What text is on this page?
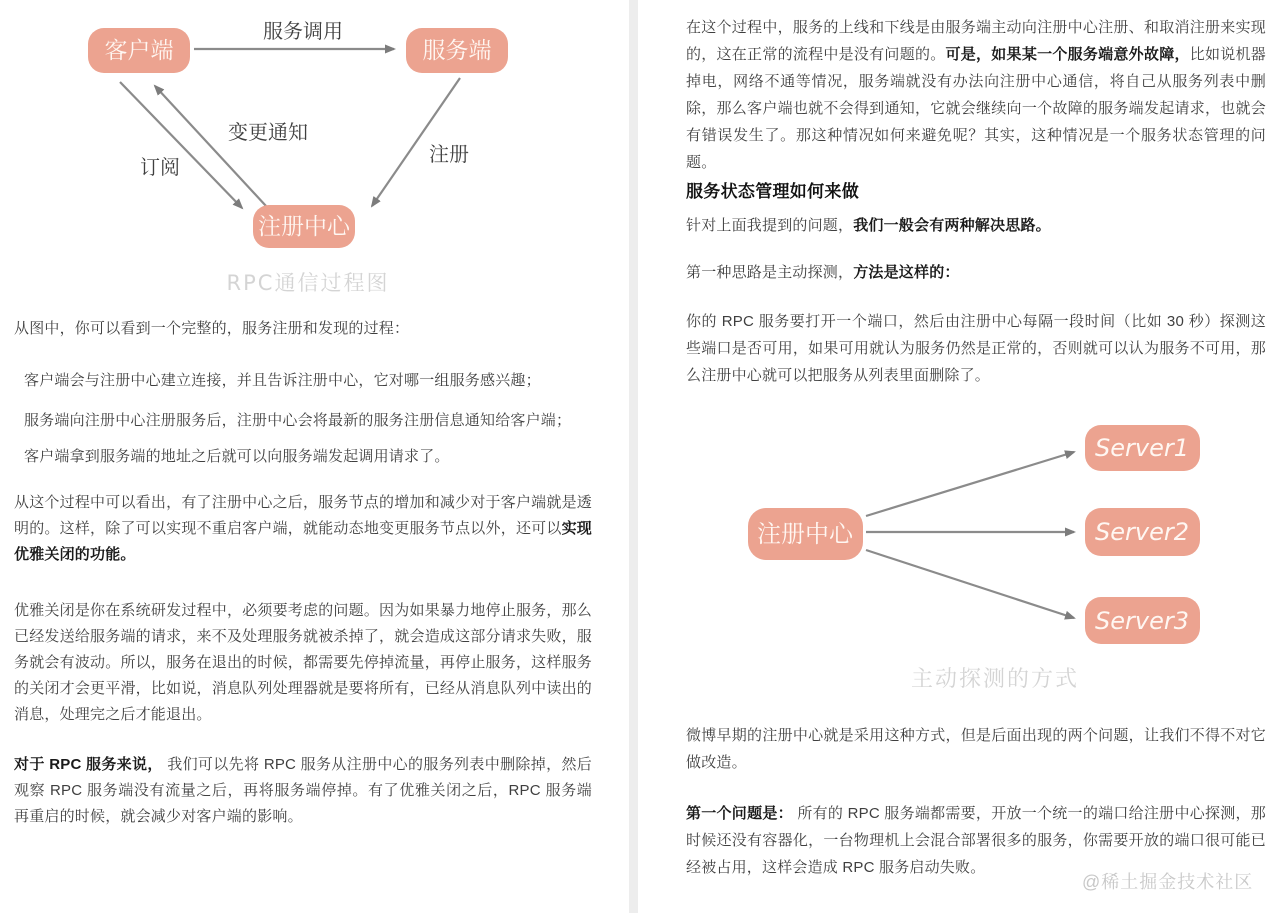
客户端	服务端
注册中心
服务调用
订阅
变更通知
注册
RPC通信过程图

从图中，你可以看到一个完整的，服务注册和发现的过程：

客户端会与注册中心建立连接，并且告诉注册中心，它对哪一组服务感兴趣；

服务端向注册中心注册服务后，注册中心会将最新的服务注册信息通知给客户端；

客户端拿到服务端的地址之后就可以向服务端发起调用请求了。

从这个过程中可以看出，有了注册中心之后，服务节点的增加和减少对于客户端就是透明的。这样，除了可以实现不重启客户端，就能动态地变更服务节点以外，还可以实现优雅关闭的功能。

优雅关闭是你在系统研发过程中，必须要考虑的问题。因为如果暴力地停止服务，那么已经发送给服务端的请求，来不及处理服务就被杀掉了，就会造成这部分请求失败，服务就会有波动。所以，服务在退出的时候，都需要先停掉流量，再停止服务，这样服务的关闭才会更平滑，比如说，消息队列处理器就是要将所有，已经从消息队列中读出的消息，处理完之后才能退出。

对于 RPC 服务来说， 我们可以先将 RPC 服务从注册中心的服务列表中删除掉，然后观察 RPC 服务端没有流量之后，再将服务端停掉。有了优雅关闭之后，RPC 服务端再重启的时候，就会减少对客户端的影响。

在这个过程中，服务的上线和下线是由服务端主动向注册中心注册、和取消注册来实现的，这在正常的流程中是没有问题的。可是，如果某一个服务端意外故障，比如说机器掉电，网络不通等情况，服务端就没有办法向注册中心通信，将自己从服务列表中删除，那么客户端也就不会得到通知，它就会继续向一个故障的服务端发起请求，也就会有错误发生了。那这种情况如何来避免呢？其实，这种情况是一个服务状态管理的问题。

服务状态管理如何来做

针对上面我提到的问题，我们一般会有两种解决思路。

第一种思路是主动探测，方法是这样的：

你的 RPC 服务要打开一个端口，然后由注册中心每隔一段时间（比如 30 秒）探测这些端口是否可用，如果可用就认为服务仍然是正常的，否则就可以认为服务不可用，那么注册中心就可以把服务从列表里面删除了。

注册中心
Server1
Server2
Server3
主动探测的方式

微博早期的注册中心就是采用这种方式，但是后面出现的两个问题，让我们不得不对它做改造。

第一个问题是： 所有的 RPC 服务端都需要，开放一个统一的端口给注册中心探测，那时候还没有容器化，一台物理机上会混合部署很多的服务，你需要开放的端口很可能已经被占用，这样会造成 RPC 服务启动失败。

@稀土掘金技术社区
